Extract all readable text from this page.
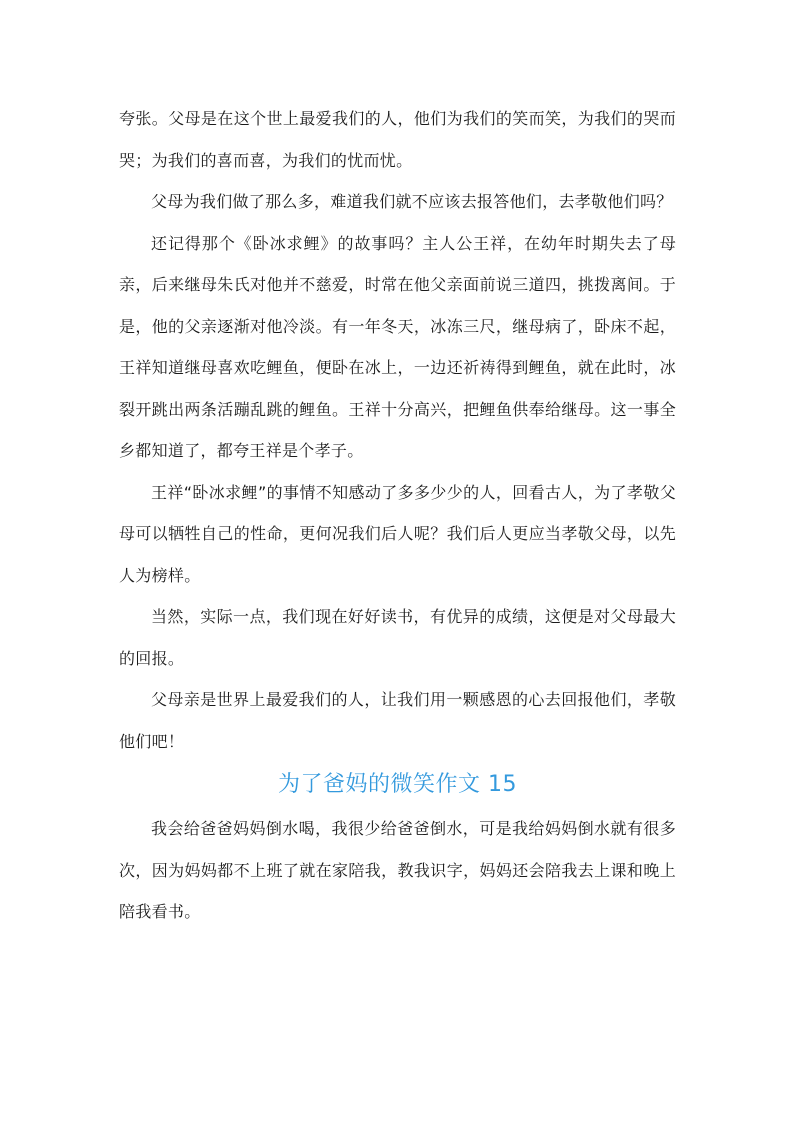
夸张。父母是在这个世上最爱我们的人，他们为我们的笑而笑，为我们的哭而哭；为我们的喜而喜，为我们的忧而忧。

父母为我们做了那么多，难道我们就不应该去报答他们，去孝敬他们吗？

还记得那个《卧冰求鲤》的故事吗？主人公王祥，在幼年时期失去了母亲，后来继母朱氏对他并不慈爱，时常在他父亲面前说三道四，挑拨离间。于是，他的父亲逐渐对他冷淡。有一年冬天，冰冻三尺，继母病了，卧床不起，王祥知道继母喜欢吃鲤鱼，便卧在冰上，一边还祈祷得到鲤鱼，就在此时，冰裂开跳出两条活蹦乱跳的鲤鱼。王祥十分高兴，把鲤鱼供奉给继母。这一事全乡都知道了，都夸王祥是个孝子。

王祥“卧冰求鲤”的事情不知感动了多多少少的人，回看古人，为了孝敬父母可以牺牲自己的性命，更何况我们后人呢？我们后人更应当孝敬父母，以先人为榜样。

当然，实际一点，我们现在好好读书，有优异的成绩，这便是对父母最大的回报。

父母亲是世界上最爱我们的人，让我们用一颗感恩的心去回报他们，孝敬他们吧！

为了爸妈的微笑作文 15

我会给爸爸妈妈倒水喝，我很少给爸爸倒水，可是我给妈妈倒水就有很多次，因为妈妈都不上班了就在家陪我，教我识字，妈妈还会陪我去上课和晚上陪我看书。
